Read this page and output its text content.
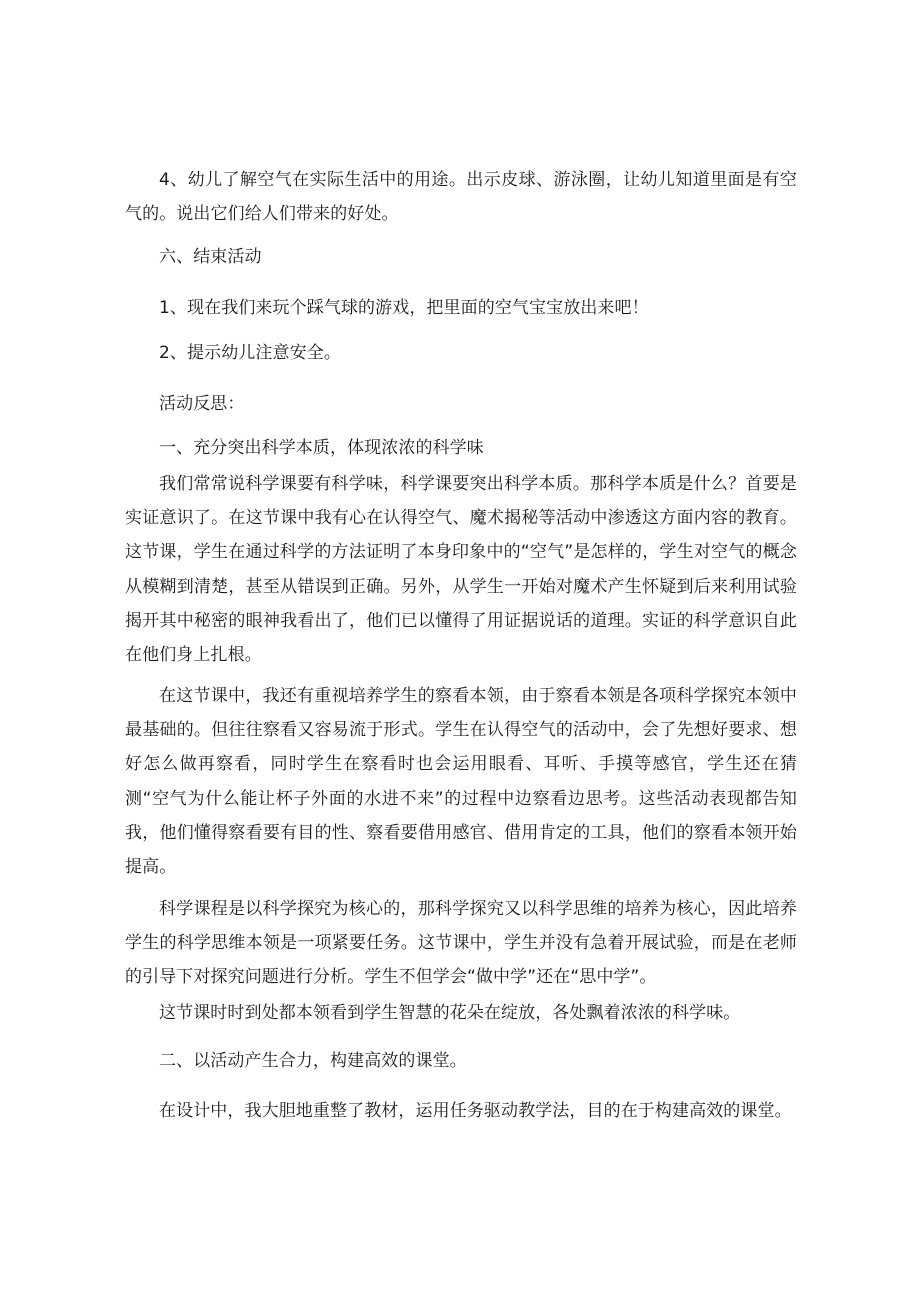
4、幼儿了解空气在实际生活中的用途。出示皮球、游泳圈，让幼儿知道里面是有空气的。说出它们给人们带来的好处。

六、结束活动

1、现在我们来玩个踩气球的游戏，把里面的空气宝宝放出来吧！

2、提示幼儿注意安全。

活动反思：

一、充分突出科学本质，体现浓浓的科学味

我们常常说科学课要有科学味，科学课要突出科学本质。那科学本质是什么？首要是实证意识了。在这节课中我有心在认得空气、魔术揭秘等活动中渗透这方面内容的教育。这节课，学生在通过科学的方法证明了本身印象中的“空气”是怎样的，学生对空气的概念从模糊到清楚，甚至从错误到正确。另外，从学生一开始对魔术产生怀疑到后来利用试验揭开其中秘密的眼神我看出了，他们已以懂得了用证据说话的道理。实证的科学意识自此在他们身上扎根。

在这节课中，我还有重视培养学生的察看本领，由于察看本领是各项科学探究本领中最基础的。但往往察看又容易流于形式。学生在认得空气的活动中，会了先想好要求、想好怎么做再察看，同时学生在察看时也会运用眼看、耳听、手摸等感官，学生还在猜测“空气为什么能让杯子外面的水进不来”的过程中边察看边思考。这些活动表现都告知我，他们懂得察看要有目的性、察看要借用感官、借用肯定的工具，他们的察看本领开始提高。

科学课程是以科学探究为核心的，那科学探究又以科学思维的培养为核心，因此培养学生的科学思维本领是一项紧要任务。这节课中，学生并没有急着开展试验，而是在老师的引导下对探究问题进行分析。学生不但学会“做中学”还在“思中学”。

这节课时时到处都本领看到学生智慧的花朵在绽放，各处飘着浓浓的科学味。

二、以活动产生合力，构建高效的课堂。

在设计中，我大胆地重整了教材，运用任务驱动教学法，目的在于构建高效的课堂。
